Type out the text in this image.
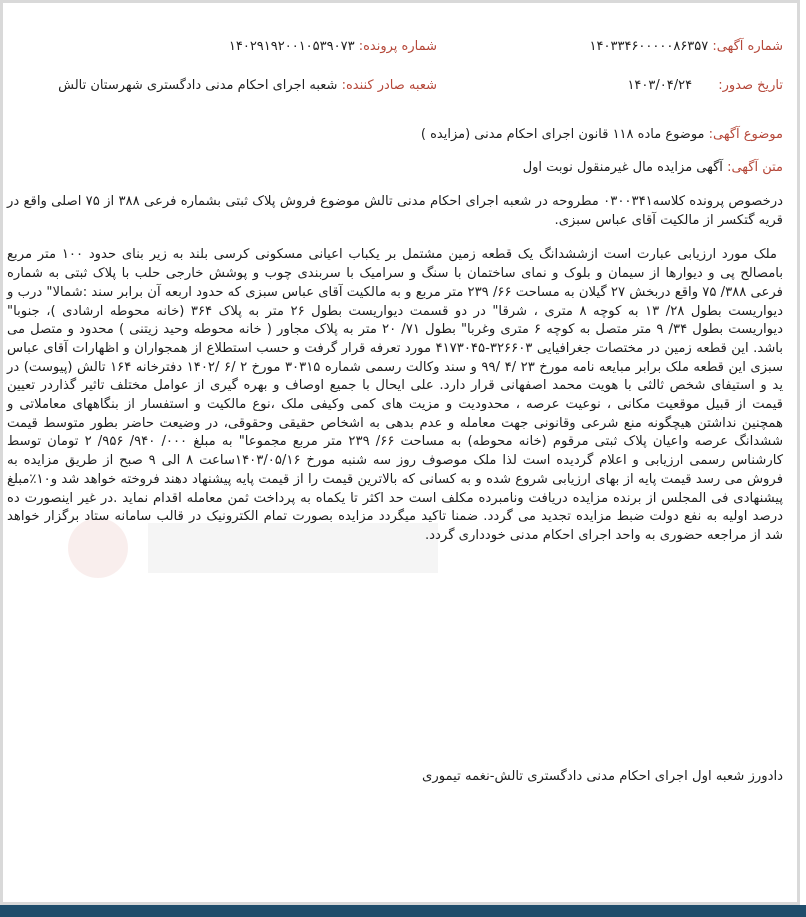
شماره آگهی: ۱۴۰۳۳۴۶۰۰۰۰۰۸۶۳۵۷
شماره پرونده: ۱۴۰۲۹۱۹۲۰۰۱۰۵۳۹۰۷۳
تاریخ صدور: ۱۴۰۳/۰۴/۲۴
شعبه صادر کننده: شعبه اجرای احکام مدنی دادگستری شهرستان تالش
موضوع آگهی: موضوع ماده ۱۱۸ قانون اجرای احکام مدنی (مزایده )
متن آگهی: آگهی مزایده مال غیرمنقول نوبت اول

درخصوص پرونده کلاسه۰۳۰۰۳۴۱ مطروحه در شعبه اجرای احکام مدنی تالش موضوع فروش پلاک ثبتی بشماره فرعی ۳۸۸ از ۷۵ اصلی واقع در قریه گتکسر از مالکیت آقای عباس سبزی.

ملک مورد ارزیابی عبارت است ازششدانگ یک قطعه زمین مشتمل بر یکباب اعیانی مسکونی کرسی بلند به زیر بنای حدود ۱۰۰ متر مربع بامصالح پی و دیوارها از سیمان و بلوک و نمای ساختمان با سنگ و سرامیک با سربندی چوب و پوشش خارجی حلب با پلاک ثبتی به شماره فرعی ۳۸۸/ ۷۵ واقع دربخش ۲۷ گیلان به مساحت ۶۶/ ۲۳۹ متر مربع و به مالکیت آقای عباس سبزی که حدود اربعه آن برابر سند :شمالا" درب و دیواریست بطول ۲۸/ ۱۳ به کوچه ۸ متری ، شرقا" در دو قسمت دیواریست بطول ۲۶ متر به پلاک ۳۶۴ (خانه محوطه ارشادی )، جنوبا" دیواریست بطول ۳۴/ ۹ متر متصل به کوچه ۶ متری وغربا" بطول ۷۱/ ۲۰ متر به پلاک مجاور ( خانه محوطه وحید زیتنی ) محدود و متصل می باشد. این قطعه زمین در مختصات جغرافیایی ۳۲۶۶۰۳-۴۱۷۳۰۴۵ مورد تعرفه قرار گرفت و حسب استطلاع از همجواران و اظهارات آقای عباس سبزی این قطعه ملک برابر مبایعه نامه مورخ ۲۳ /۴ /۹۹ و سند وکالت رسمی شماره ۳۰۳۱۵ مورخ ۲ /۶ /۱۴۰۲ دفترخانه ۱۶۴ تالش (پیوست) در ید و استیفای شخص ثالثی با هویت محمد اصفهانی قرار دارد. علی ایحال با جمیع اوصاف و بهره گیری از عوامل مختلف تاثیر گذاردر تعیین قیمت از قبیل موقعیت مکانی ، نوعیت عرصه ، محدودیت و مزیت های کمی وکیفی ملک ،نوع مالکیت و استفسار از بنگاههای معاملاتی و همچنین نداشتن هیچگونه منع شرعی وقانونی جهت معامله و عدم بدهی به اشخاص حقیقی وحقوقی، در وضیعت حاضر بطور متوسط قیمت ششدانگ عرصه واعیان پلاک ثبتی مرقوم (خانه محوطه) به مساحت ۶۶/ ۲۳۹ متر مربع مجموعا" به مبلغ ۰۰۰/ ۹۴۰/ ۹۵۶/ ۲ تومان توسط کارشناس رسمی ارزیابی و اعلام گردیده است لذا ملک موصوف روز سه شنبه مورخ ۱۴۰۳/۰۵/۱۶ساعت ۸ الی ۹ صبح از طریق مزایده به فروش می رسد قیمت پایه از بهای ارزیابی شروع شده و به کسانی که بالاترین قیمت را از قیمت پایه پیشنهاد دهند فروخته خواهد شد و۱۰٪مبلغ پیشنهادی فی المجلس از برنده مزایده دریافت ونامبرده مکلف است حد اکثر تا یکماه به پرداخت ثمن معامله اقدام نماید .در غیر اینصورت ده درصد اولیه به نفع دولت ضبط مزایده تجدید می گردد. ضمنا تاکید میگردد مزایده بصورت تمام الکترونیک در قالب سامانه ستاد برگزار خواهد شد از مراجعه حضوری به واحد اجرای احکام مدنی خودداری گردد.

دادورز شعبه اول اجرای احکام مدنی دادگستری تالش-نغمه تیموری
